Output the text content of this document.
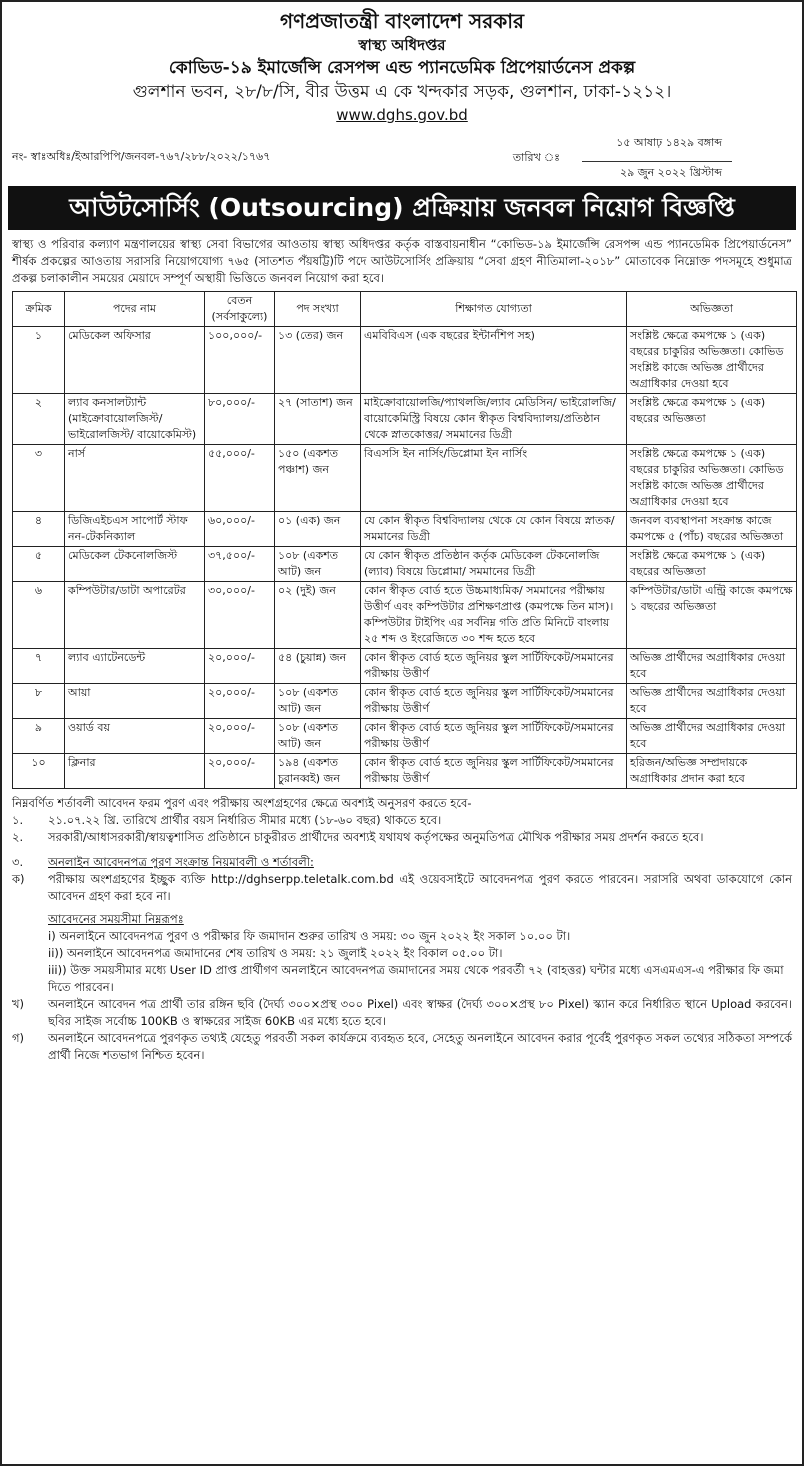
গণপ্রজাতন্ত্রী বাংলাদেশ সরকার
স্বাস্থ্য অধিদপ্তর
কোভিড-১৯ ইমার্জেন্সি রেসপন্স এন্ড প্যানডেমিক প্রিপেয়ার্ডনেস প্রকল্প
গুলশান ভবন, ২৮/৮/সি, বীর উত্তম এ কে খন্দকার সড়ক, গুলশান, ঢাকা-১২১২।
www.dghs.gov.bd
নং- স্বাঃঅধিঃ/ইআরপিপি/জনবল-৭৬৭/২৮৮/২০২২/১৭৬৭
১৫ আষাঢ় ১৪২৯ বঙ্গাব্দ
তারিখ ঃ
২৯ জুন ২০২২ খ্রিস্টাব্দ
আউটসোর্সিং (Outsourcing) প্রক্রিয়ায় জনবল নিয়োগ বিজ্ঞপ্তি
স্বাস্থ্য ও পরিবার কল্যাণ মন্ত্রণালয়ের স্বাস্থ্য সেবা বিভাগের আওতায় স্বাস্থ্য অধিদপ্তর কর্তৃক বাস্তবায়নাধীন “কোভিড-১৯ ইমার্জেন্সি রেসপন্স এন্ড প্যানডেমিক প্রিপেয়ার্ডনেস” শীর্ষক প্রকল্পের আওতায় সরাসরি নিয়োগযোগ্য ৭৬৫ (সাতশত পঁয়ষট্টি)টি পদে আউটসোর্সিং প্রক্রিয়ায় “সেবা গ্রহণ নীতিমালা-২০১৮” মোতাবেক নিম্নোক্ত পদসমূহে শুধুমাত্র প্রকল্প চলাকালীন সময়ের মেয়াদে সম্পূর্ণ অস্থায়ী ভিত্তিতে জনবল নিয়োগ করা হবে।
ক্রমিক	পদের নাম	বেতন (সর্বসাকুল্যে)	পদ সংখ্যা	শিক্ষাগত যোগ্যতা	অভিজ্ঞতা
১	মেডিকেল অফিসার	১০০,০০০/-	১৩ (তের) জন	এমবিবিএস (এক বছরের ইন্টার্নশিপ সহ)	সংশ্লিষ্ট ক্ষেত্রে কমপক্ষে ১ (এক) বছরের চাকুরির অভিজ্ঞতা। কোভিড সংশ্লিষ্ট কাজে অভিজ্ঞ প্রার্থীদের অগ্রাধিকার দেওয়া হবে
২	ল্যাব কনসালট্যান্ট (মাইক্রোবায়োলজিস্ট/ ভাইরোলজিস্ট/ বায়োকেমিস্ট)	৮০,০০০/-	২৭ (সাতাশ) জন	মাইক্রোবায়োলজি/প্যাথলজি/ল্যাব মেডিসিন/ ভাইরোলজি/ বায়োকেমিস্ট্রি বিষয়ে কোন স্বীকৃত বিশ্ববিদ্যালয়/প্রতিষ্ঠান থেকে স্নাতকোত্তর/ সমমানের ডিগ্রী	সংশ্লিষ্ট ক্ষেত্রে কমপক্ষে ১ (এক) বছরের অভিজ্ঞতা
৩	নার্স	৫৫,০০০/-	১৫০ (একশত পঞ্চাশ) জন	বিএসসি ইন নার্সিং/ডিপ্লোমা ইন নার্সিং	সংশ্লিষ্ট ক্ষেত্রে কমপক্ষে ১ (এক) বছরের চাকুরির অভিজ্ঞতা। কোভিড সংশ্লিষ্ট কাজে অভিজ্ঞ প্রার্থীদের অগ্রাধিকার দেওয়া হবে
৪	ডিজিএইচএস সাপোর্ট স্টাফ নন-টেকনিক্যাল	৬০,০০০/-	০১ (এক) জন	যে কোন স্বীকৃত বিশ্ববিদ্যালয় থেকে যে কোন বিষয়ে স্নাতক/সমমানের ডিগ্রী	জনবল ব্যবস্থাপনা সংক্রান্ত কাজে কমপক্ষে ৫ (পাঁচ) বছরের অভিজ্ঞতা
৫	মেডিকেল টেকনোলজিস্ট	৩৭,৫০০/-	১০৮ (একশত আট) জন	যে কোন স্বীকৃত প্রতিষ্ঠান কর্তৃক মেডিকেল টেকনোলজি (ল্যাব) বিষয়ে ডিপ্লোমা/ সমমানের ডিগ্রী	সংশ্লিষ্ট ক্ষেত্রে কমপক্ষে ১ (এক) বছরের অভিজ্ঞতা
৬	কম্পিউটার/ডাটা অপারেটর	৩০,০০০/-	০২ (দুই) জন	কোন স্বীকৃত বোর্ড হতে উচ্চমাধ্যমিক/ সমমানের পরীক্ষায় উত্তীর্ণ এবং কম্পিউটার প্রশিক্ষণপ্রাপ্ত (কমপক্ষে তিন মাস)। কম্পিউটার টাইপিং এর সর্বনিম্ন গতি প্রতি মিনিটে বাংলায় ২৫ শব্দ ও ইংরেজিতে ৩০ শব্দ হতে হবে	কম্পিউটার/ডাটা এন্ট্রি কাজে কমপক্ষে ১ বছরের অভিজ্ঞতা
৭	ল্যাব এ্যাটেনডেন্ট	২০,০০০/-	৫৪ (চুয়ান্ন) জন	কোন স্বীকৃত বোর্ড হতে জুনিয়র স্কুল সার্টিফিকেট/সমমানের পরীক্ষায় উত্তীর্ণ	অভিজ্ঞ প্রার্থীদের অগ্রাধিকার দেওয়া হবে
৮	আয়া	২০,০০০/-	১০৮ (একশত আট) জন	কোন স্বীকৃত বোর্ড হতে জুনিয়র স্কুল সার্টিফিকেট/সমমানের পরীক্ষায় উত্তীর্ণ	অভিজ্ঞ প্রার্থীদের অগ্রাধিকার দেওয়া হবে
৯	ওয়ার্ড বয়	২০,০০০/-	১০৮ (একশত আট) জন	কোন স্বীকৃত বোর্ড হতে জুনিয়র স্কুল সার্টিফিকেট/সমমানের পরীক্ষায় উত্তীর্ণ	অভিজ্ঞ প্রার্থীদের অগ্রাধিকার দেওয়া হবে
১০	ক্লিনার	২০,০০০/-	১৯৪ (একশত চুরানব্বই) জন	কোন স্বীকৃত বোর্ড হতে জুনিয়র স্কুল সার্টিফিকেট/সমমানের পরীক্ষায় উত্তীর্ণ	হরিজন/অভিজ্ঞ সম্প্রদায়কে অগ্রাধিকার প্রদান করা হবে
নিম্নবর্ণিত শর্তাবলী আবেদন ফরম পুরণ এবং পরীক্ষায় অংশগ্রহণের ক্ষেত্রে অবশ্যই অনুসরণ করতে হবে-
১.	২১.০৭.২২ খ্রি. তারিখে প্রার্থীর বয়স নির্ধারিত সীমার মধ্যে (১৮-৬০ বছর) থাকতে হবে।
২.	সরকারী/আধাসরকারী/স্বায়ত্বশাসিত প্রতিষ্ঠানে চাকুরীরত প্রার্থীদের অবশ্যই যথাযথ কর্তৃপক্ষের অনুমতিপত্র মৌখিক পরীক্ষার সময় প্রদর্শন করতে হবে।
৩.	অনলাইন আবেদনপত্র পুরণ সংক্রান্ত নিয়মাবলী ও শর্তাবলী:
ক)	পরীক্ষায় অংশগ্রহণের ইচ্ছুক ব্যক্তি http://dghserpp.teletalk.com.bd এই ওয়েবসাইটে আবেদনপত্র পুরণ করতে পারবেন। সরাসরি অথবা ডাকযোগে কোন আবেদন গ্রহণ করা হবে না।
আবেদনের সময়সীমা নিম্নরূপঃ
i) অনলাইনে আবেদনপত্র পুরণ ও পরীক্ষার ফি জমাদান শুরুর তারিখ ও সময়: ৩০ জুন ২০২২ ইং সকাল ১০.০০ টা।
ii)) অনলাইনে আবেদনপত্র জমাদানের শেষ তারিখ ও সময়: ২১ জুলাই ২০২২ ইং বিকাল ০৫.০০ টা।
iii)) উক্ত সময়সীমার মধ্যে User ID প্রাপ্ত প্রার্থীগণ অনলাইনে আবেদনপত্র জমাদানের সময় থেকে পরবর্তী ৭২ (বাহত্তর) ঘন্টার মধ্যে এসএমএস-এ পরীক্ষার ফি জমা দিতে পারবেন।
খ)	অনলাইনে আবেদন পত্র প্রার্থী তার রঙ্গিন ছবি (দৈর্ঘ্য ৩০০×প্রস্থ ৩০০ Pixel) এবং স্বাক্ষর (দৈর্ঘ্য ৩০০×প্রস্থ ৮০ Pixel) স্ক্যান করে নির্ধারিত স্থানে Upload করবেন। ছবির সাইজ সর্বোচ্চ 100KB ও স্বাক্ষরের সাইজ 60KB এর মধ্যে হতে হবে।
গ)	অনলাইনে আবেদনপত্রে পুরণকৃত তথ্যই যেহেতু পরবর্তী সকল কার্যক্রমে ব্যবহৃত হবে, সেহেতু অনলাইনে আবেদন করার পূর্বেই পুরণকৃত সকল তথ্যের সঠিকতা সম্পর্কে প্রার্থী নিজে শতভাগ নিশ্চিত হবেন।
